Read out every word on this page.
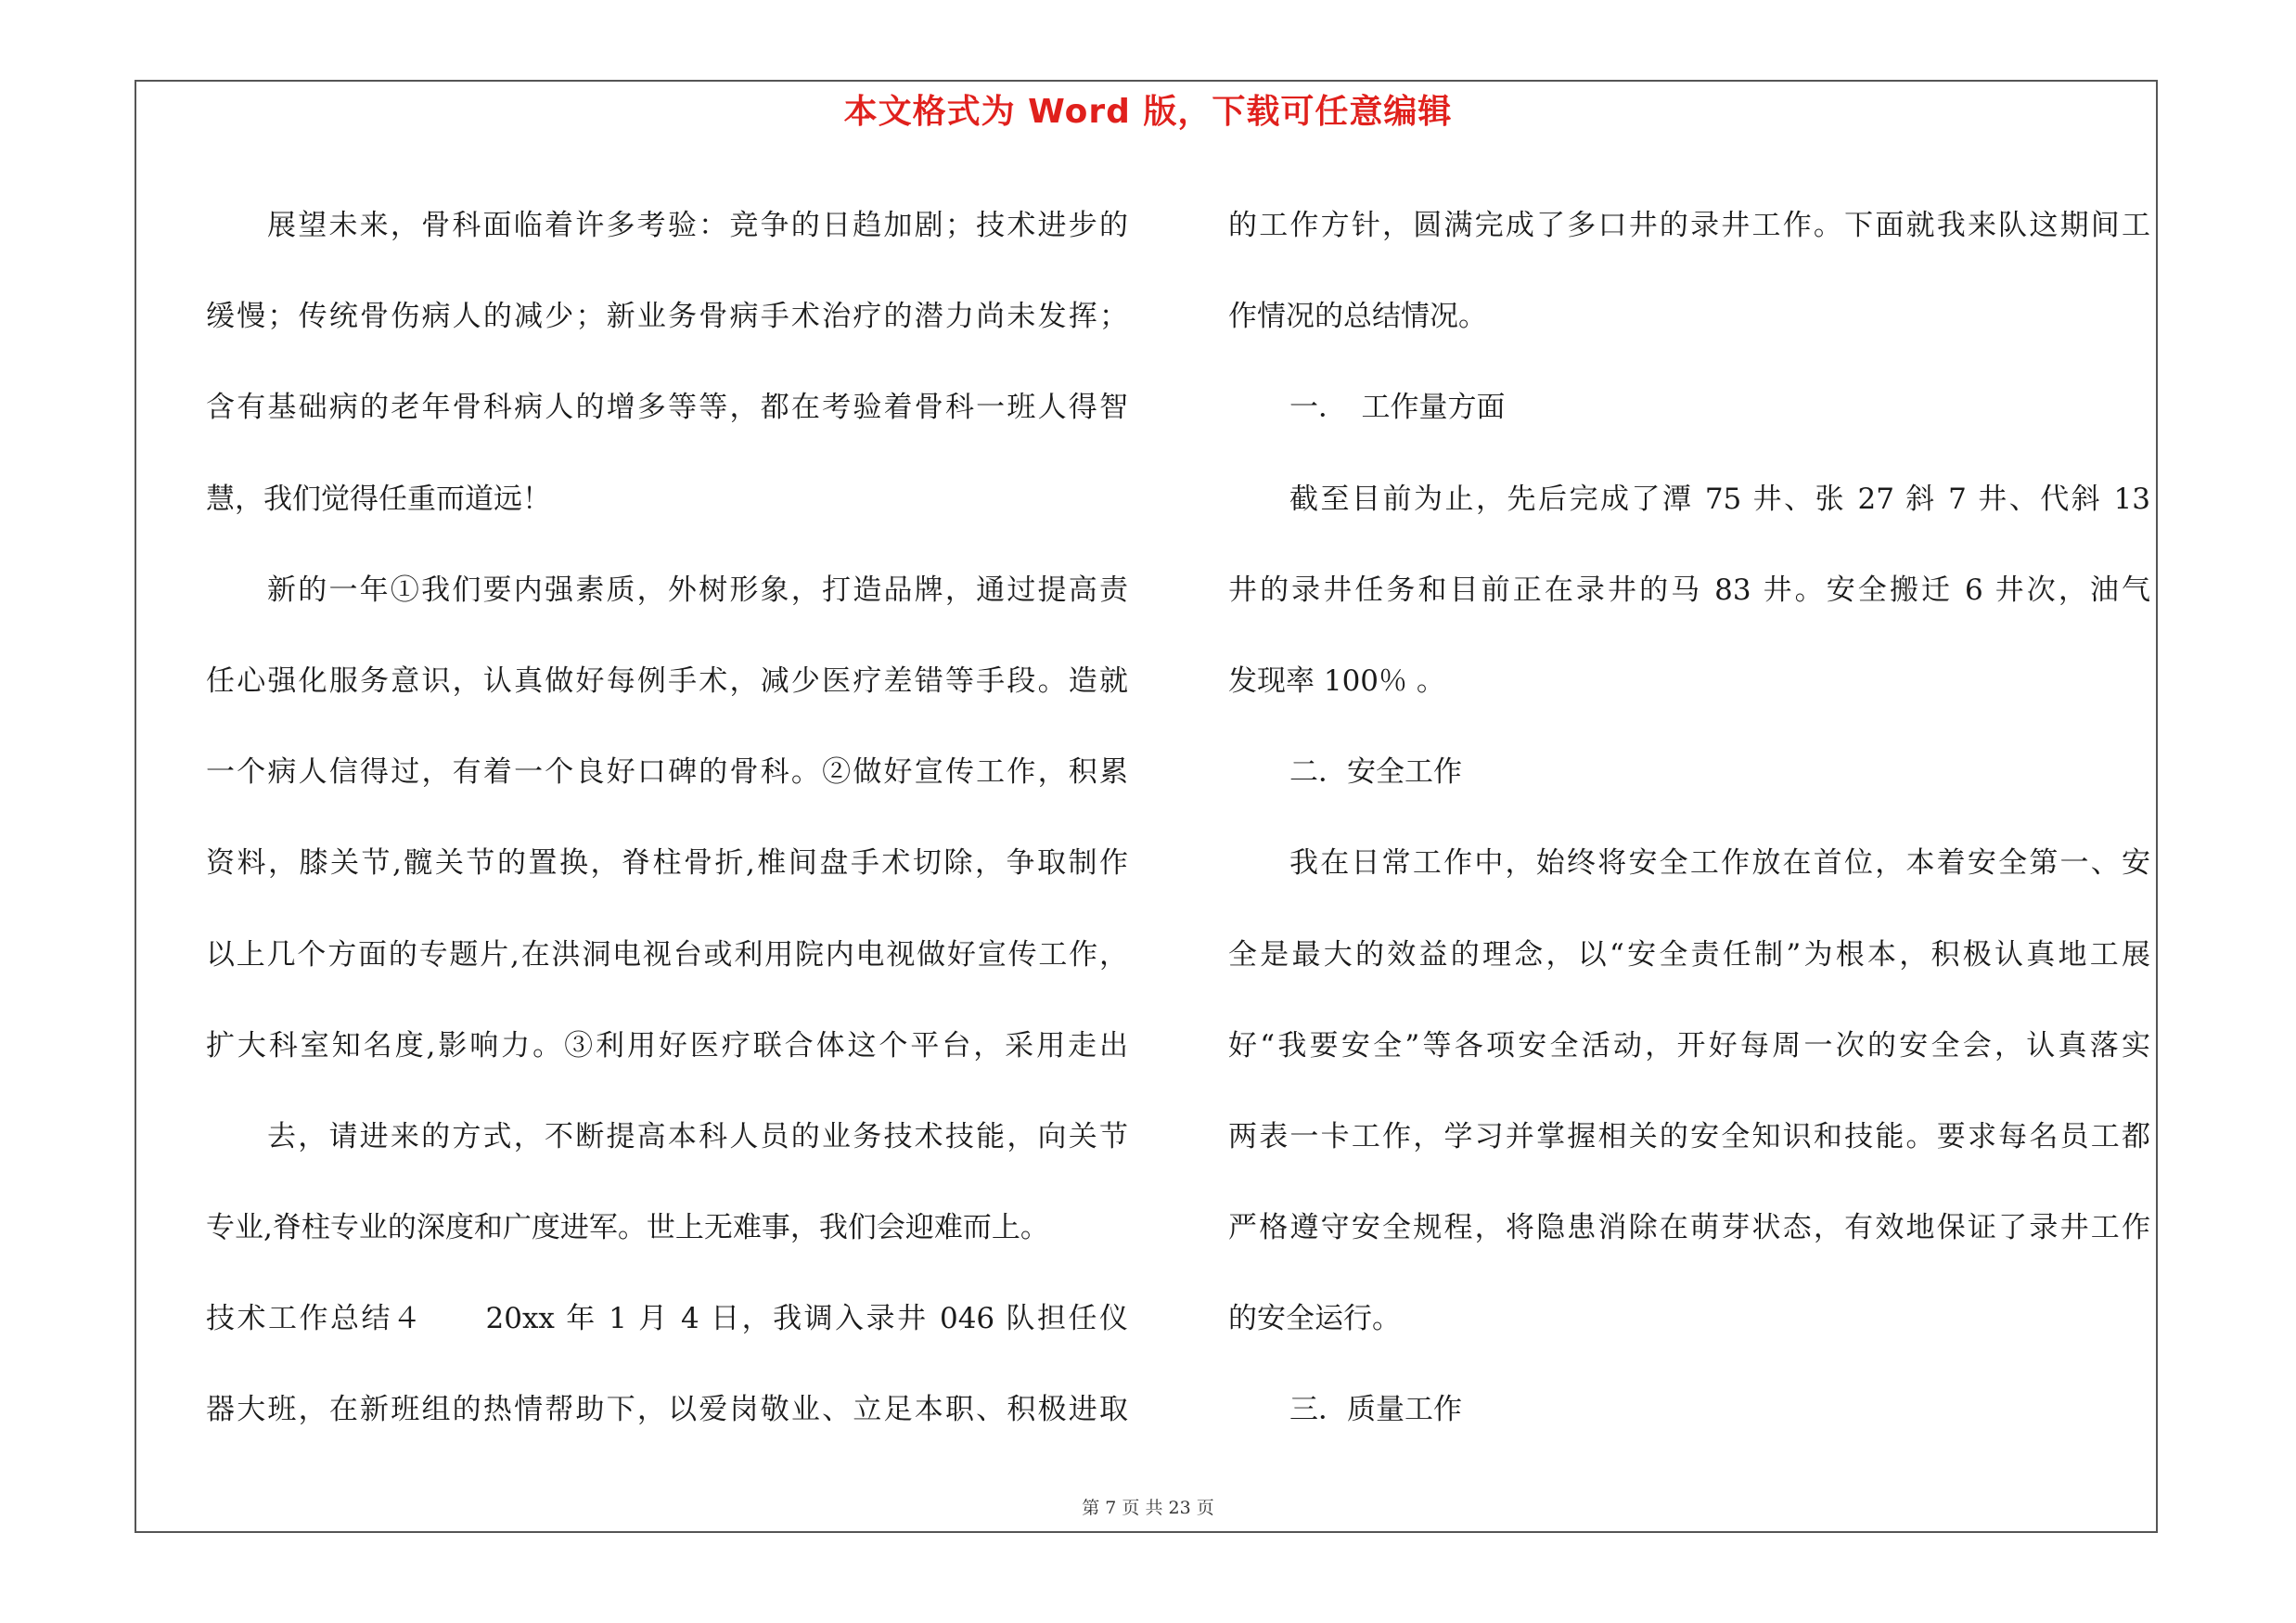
本文格式为 Word 版，下载可任意编辑
展望未来，骨科面临着许多考验：竞争的日趋加剧；技术进步的
缓慢；传统骨伤病人的减少；新业务骨病手术治疗的潜力尚未发挥；
含有基础病的老年骨科病人的增多等等，都在考验着骨科一班人得智
慧，我们觉得任重而道远！
新的一年①我们要内强素质，外树形象，打造品牌，通过提高责
任心强化服务意识，认真做好每例手术，减少医疗差错等手段。造就
一个病人信得过，有着一个良好口碑的骨科。②做好宣传工作，积累
资料，膝关节,髋关节的置换，脊柱骨折,椎间盘手术切除，争取制作
以上几个方面的专题片,在洪洞电视台或利用院内电视做好宣传工作，
扩大科室知名度,影响力。③利用好医疗联合体这个平台，采用走出
去，请进来的方式，不断提高本科人员的业务技术技能，向关节
专业,脊柱专业的深度和广度进军。世上无难事，我们会迎难而上。
技术工作总结４　　20xx 年 1 月 4 日，我调入录井 046 队担任仪
器大班，在新班组的热情帮助下，以爱岗敬业、立足本职、积极进取
的工作方针，圆满完成了多口井的录井工作。下面就我来队这期间工
作情况的总结情况。
一．　工作量方面
截至目前为止，先后完成了潭 75 井、张 27 斜 7 井、代斜 13
井的录井任务和目前正在录井的马 83 井。安全搬迁 6 井次，油气
发现率 100％ 。
二．安全工作
我在日常工作中，始终将安全工作放在首位，本着安全第一、安
全是最大的效益的理念，以“安全责任制”为根本，积极认真地工展
好“我要安全”等各项安全活动，开好每周一次的安全会，认真落实
两表一卡工作，学习并掌握相关的安全知识和技能。要求每名员工都
严格遵守安全规程，将隐患消除在萌芽状态，有效地保证了录井工作
的安全运行。
三．质量工作
第 7 页 共 23 页
